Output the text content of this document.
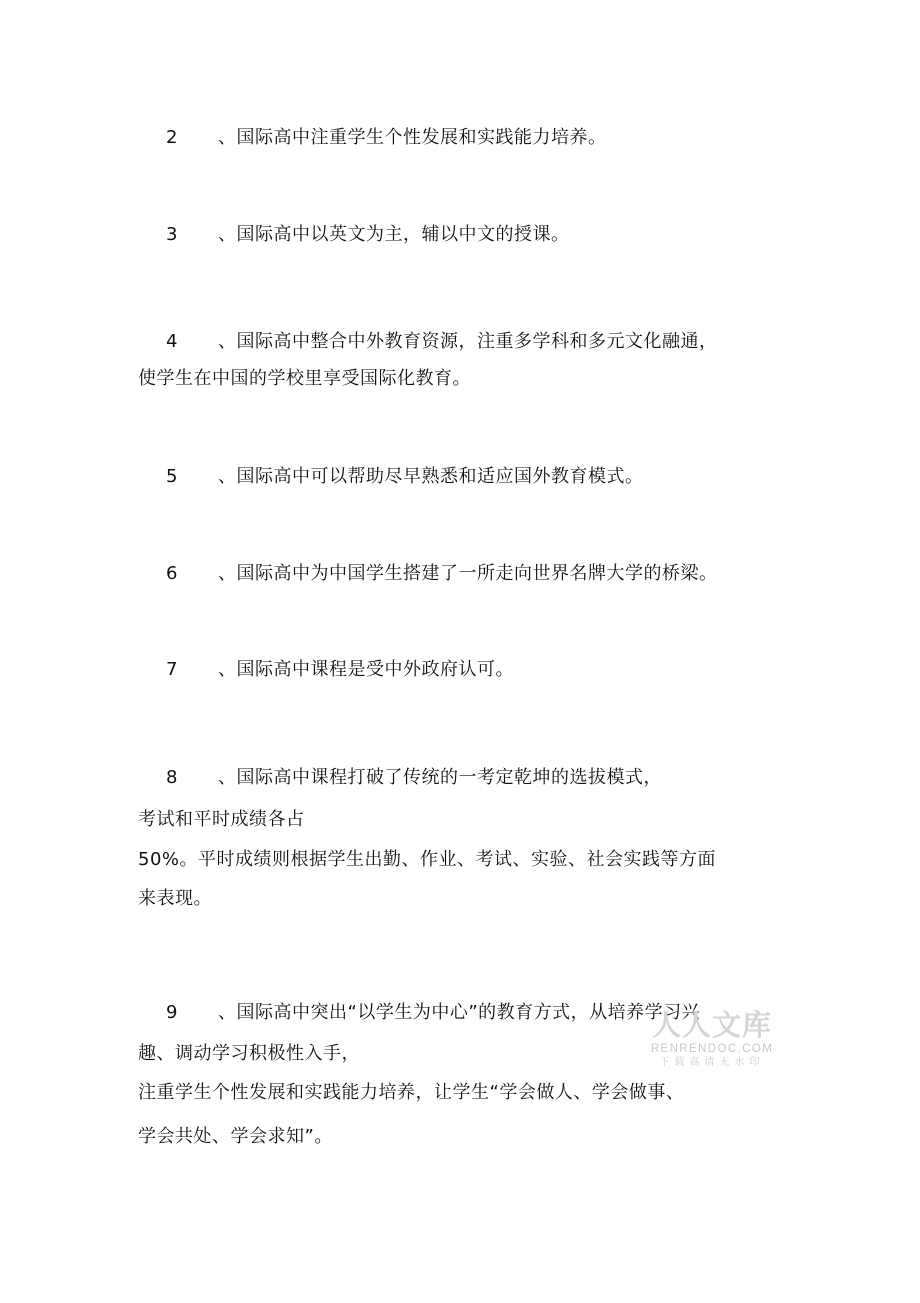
2 、国际高中注重学生个性发展和实践能力培养。
3 、国际高中以英文为主，辅以中文的授课。
4 、国际高中整合中外教育资源，注重多学科和多元文化融通，
使学生在中国的学校里享受国际化教育。
5 、国际高中可以帮助尽早熟悉和适应国外教育模式。
6 、国际高中为中国学生搭建了一所走向世界名牌大学的桥梁。
7 、国际高中课程是受中外政府认可。
8 、国际高中课程打破了传统的一考定乾坤的选拔模式，
考试和平时成绩各占
50%。平时成绩则根据学生出勤、作业、考试、实验、社会实践等方面
来表现。
9 、国际高中突出“以学生为中心”的教育方式，从培养学习兴
趣、调动学习积极性入手，
注重学生个性发展和实践能力培养，让学生“学会做人、学会做事、
学会共处、学会求知”。
人人文库
RENRENDOC.COM
下载高清无水印
